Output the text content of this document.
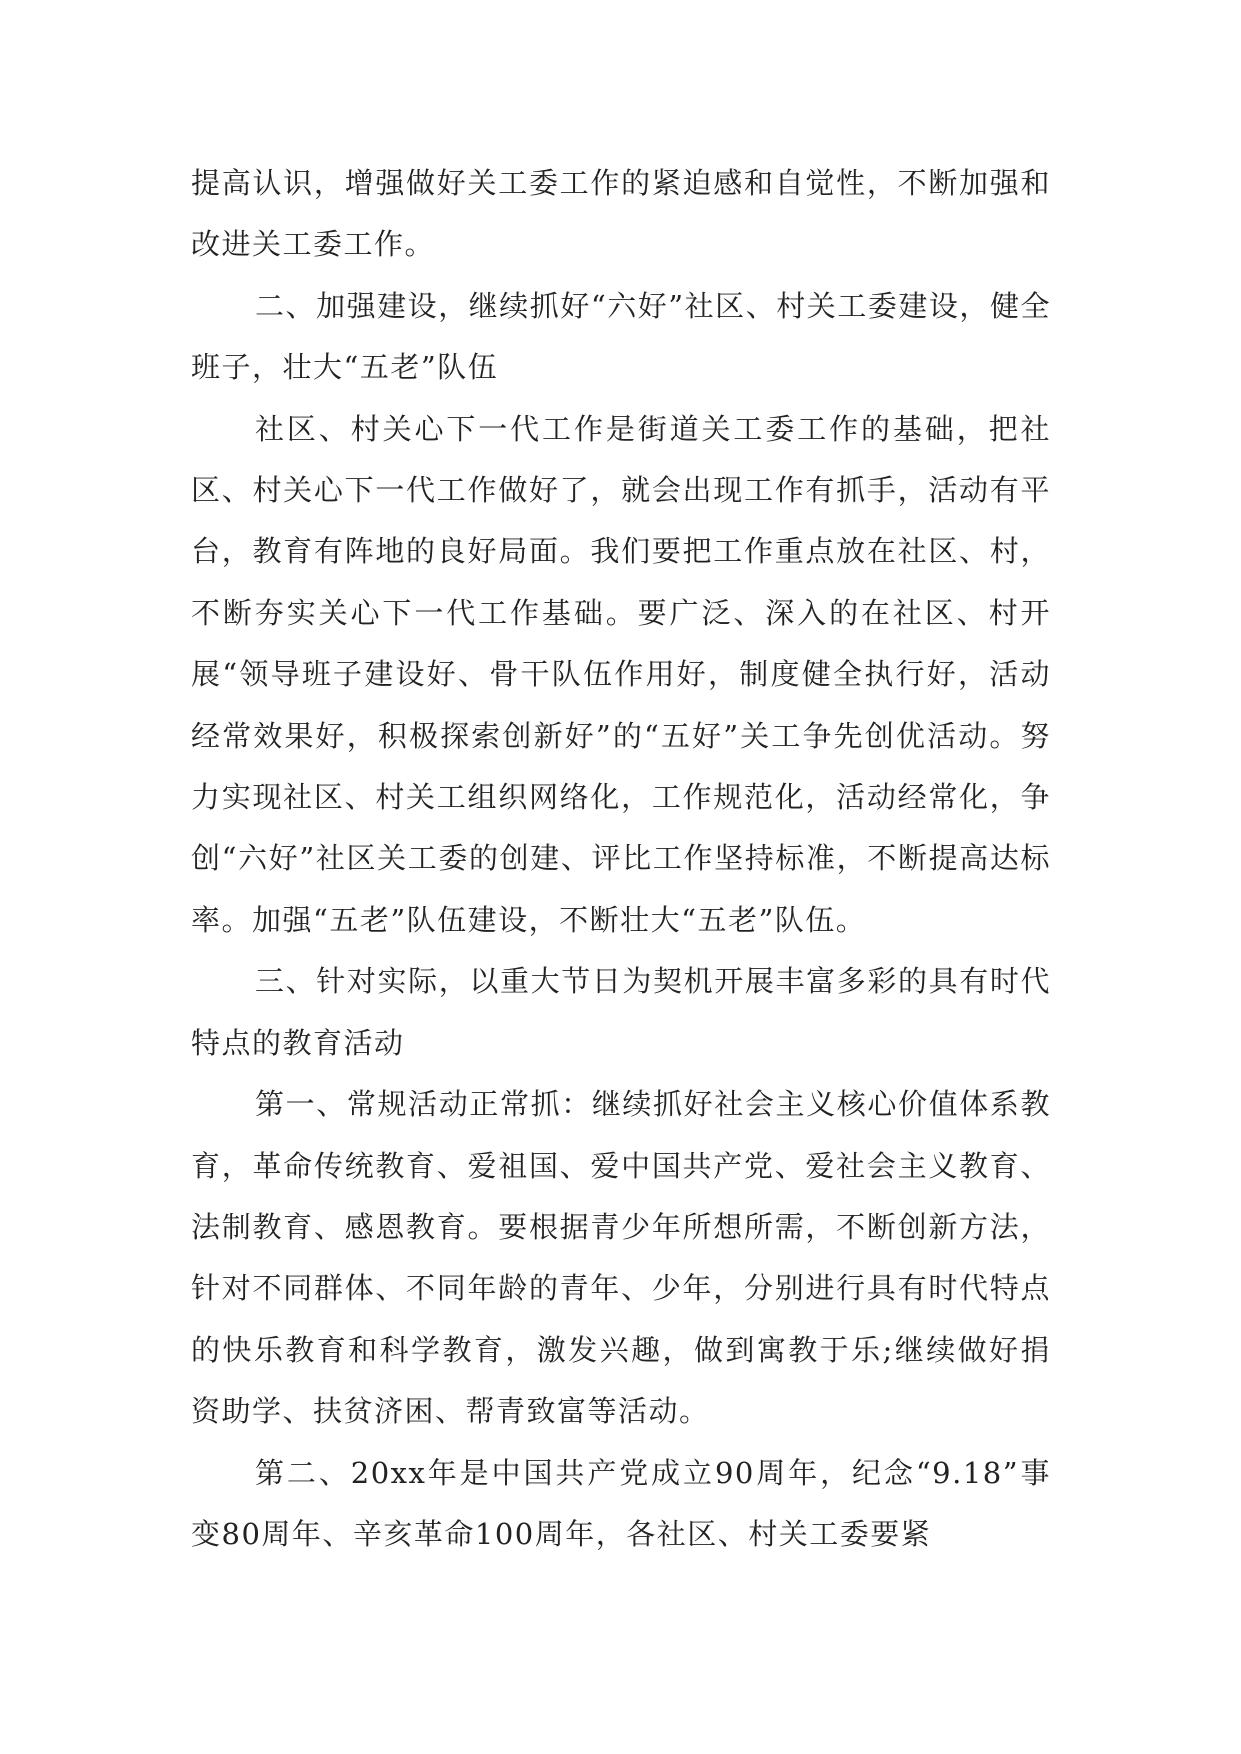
提高认识，增强做好关工委工作的紧迫感和自觉性，不断加强和改进关工委工作。

二、加强建设，继续抓好“六好”社区、村关工委建设，健全班子，壮大“五老”队伍

社区、村关心下一代工作是街道关工委工作的基础，把社区、村关心下一代工作做好了，就会出现工作有抓手，活动有平台，教育有阵地的良好局面。我们要把工作重点放在社区、村，不断夯实关心下一代工作基础。要广泛、深入的在社区、村开展“领导班子建设好、骨干队伍作用好，制度健全执行好，活动经常效果好，积极探索创新好”的“五好”关工争先创优活动。努力实现社区、村关工组织网络化，工作规范化，活动经常化，争创“六好”社区关工委的创建、评比工作坚持标准，不断提高达标率。加强“五老”队伍建设，不断壮大“五老”队伍。

三、针对实际，以重大节日为契机开展丰富多彩的具有时代特点的教育活动

第一、常规活动正常抓：继续抓好社会主义核心价值体系教育，革命传统教育、爱祖国、爱中国共产党、爱社会主义教育、法制教育、感恩教育。要根据青少年所想所需，不断创新方法，针对不同群体、不同年龄的青年、少年，分别进行具有时代特点的快乐教育和科学教育，激发兴趣，做到寓教于乐;继续做好捐资助学、扶贫济困、帮青致富等活动。

第二、20xx年是中国共产党成立90周年，纪念“9.18”事变80周年、辛亥革命100周年，各社区、村关工委要紧
